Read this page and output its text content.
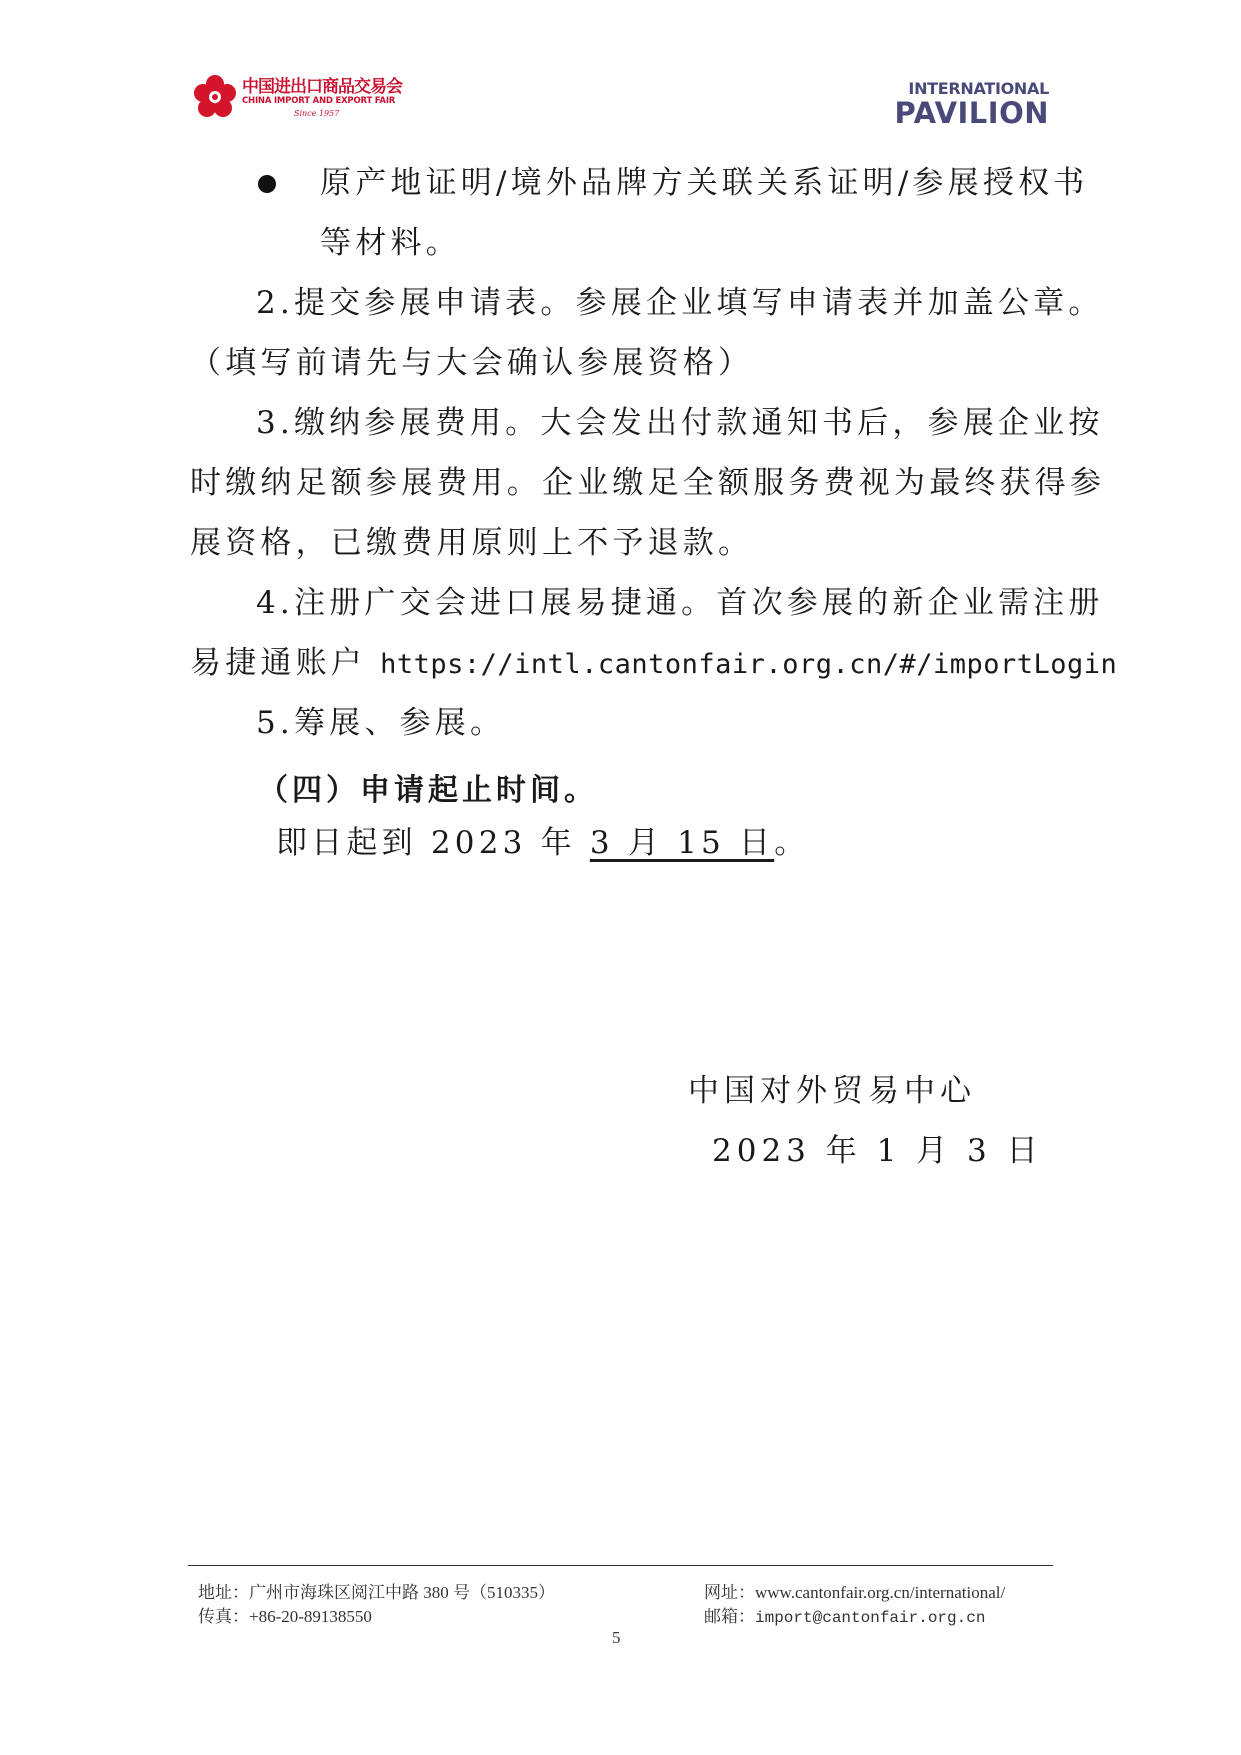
中国进出口商品交易会
CHINA IMPORT AND EXPORT FAIR
Since 1957
INTERNATIONAL
PAVILION
原产地证明/境外品牌方关联关系证明/参展授权书
等材料。
2.提交参展申请表。参展企业填写申请表并加盖公章。
（填写前请先与大会确认参展资格）
3.缴纳参展费用。大会发出付款通知书后，参展企业按
时缴纳足额参展费用。企业缴足全额服务费视为最终获得参
展资格，已缴费用原则上不予退款。
4.注册广交会进口展易捷通。首次参展的新企业需注册
易捷通账户 https://intl.cantonfair.org.cn/#/importLogin
5.筹展、参展。
（四）申请起止时间。
即日起到 2023 年 3 月 15 日。
中国对外贸易中心
2023 年 1 月 3 日
地址：广州市海珠区阅江中路 380 号（510335）
传真：+86-20-89138550
网址：www.cantonfair.org.cn/international/
邮箱：import@cantonfair.org.cn
5
